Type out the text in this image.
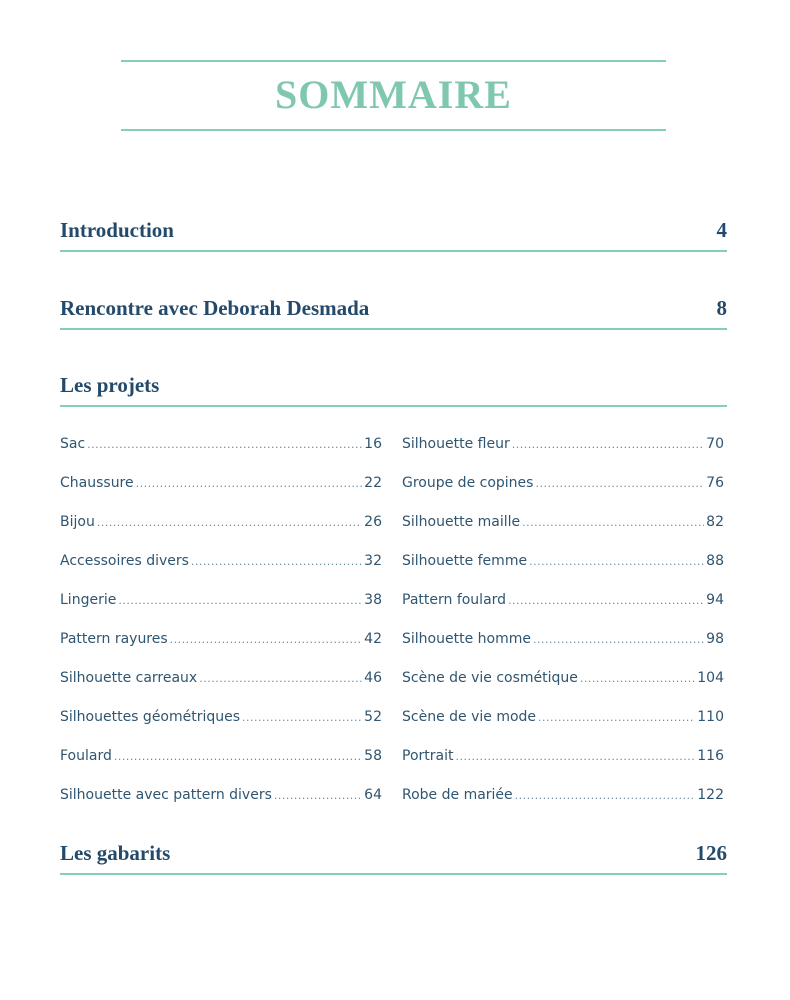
SOMMAIRE
Introduction	4
Rencontre avec Deborah Desmada	8
Les projets
Sac .....	16
Chaussure .....	22
Bijou .....	26
Accessoires divers .....	32
Lingerie .....	38
Pattern rayures .....	42
Silhouette carreaux .....	46
Silhouettes géométriques .....	52
Foulard .....	58
Silhouette avec pattern divers .....	64
Silhouette fleur .....	70
Groupe de copines .....	76
Silhouette maille .....	82
Silhouette femme .....	88
Pattern foulard .....	94
Silhouette homme .....	98
Scène de vie cosmétique .....	104
Scène de vie mode .....	110
Portrait .....	116
Robe de mariée .....	122
Les gabarits	126
